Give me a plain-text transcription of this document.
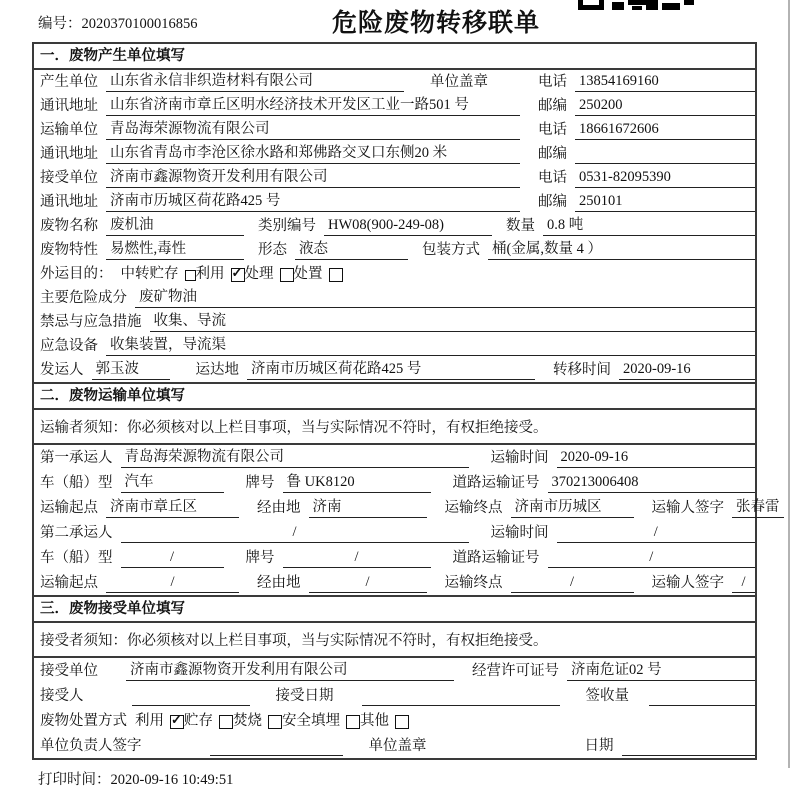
编号：2020370100016856	危险废物转移联单
一．废物产生单位填写
产生单位 山东省永信非织造材料有限公司	单位盖章	电话 13854169160
通讯地址 山东省济南市章丘区明水经济技术开发区工业一路501 号	邮编 250200
运输单位 青岛海荣源物流有限公司	电话 18661672606
通讯地址 山东省青岛市李沧区徐水路和郑佛路交叉口东侧20 米	邮编
接受单位 济南市鑫源物资开发利用有限公司	电话 0531-82095390
通讯地址 济南市历城区荷花路425 号	邮编 250101
废物名称 废机油	类别编号 HW08(900-249-08)	数量 0.8 吨
废物特性 易燃性,毒性	形态 液态	包装方式 桶(金属,数量 4 ）
外运目的： 中转贮存 利用 ✓ 处理 处置
主要危险成分 废矿物油
禁忌与应急措施 收集、导流
应急设备 收集装置，导流渠
发运人 郭玉波	运达地 济南市历城区荷花路425 号	转移时间 2020-09-16
二．废物运输单位填写
运输者须知：你必须核对以上栏目事项，当与实际情况不符时，有权拒绝接受。
第一承运人 青岛海荣源物流有限公司	运输时间 2020-09-16
车（船）型 汽车	牌号 鲁 UK8120	道路运输证号 370213006408
运输起点 济南市章丘区	经由地 济南	运输终点 济南市历城区	运输人签字 张春雷
第二承运人	/	运输时间	/
车（船）型	/	牌号	/	道路运输证号	/
运输起点	/	经由地	/	运输终点	/	运输人签字	/
三．废物接受单位填写
接受者须知：你必须核对以上栏目事项，当与实际情况不符时，有权拒绝接受。
接受单位 济南市鑫源物资开发利用有限公司	经营许可证号 济南危证02 号
接受人	接受日期	签收量
废物处置方式 利用 ✓ 贮存 焚烧 安全填埋 其他
单位负责人签字	单位盖章	日期
打印时间：2020-09-16 10:49:51
